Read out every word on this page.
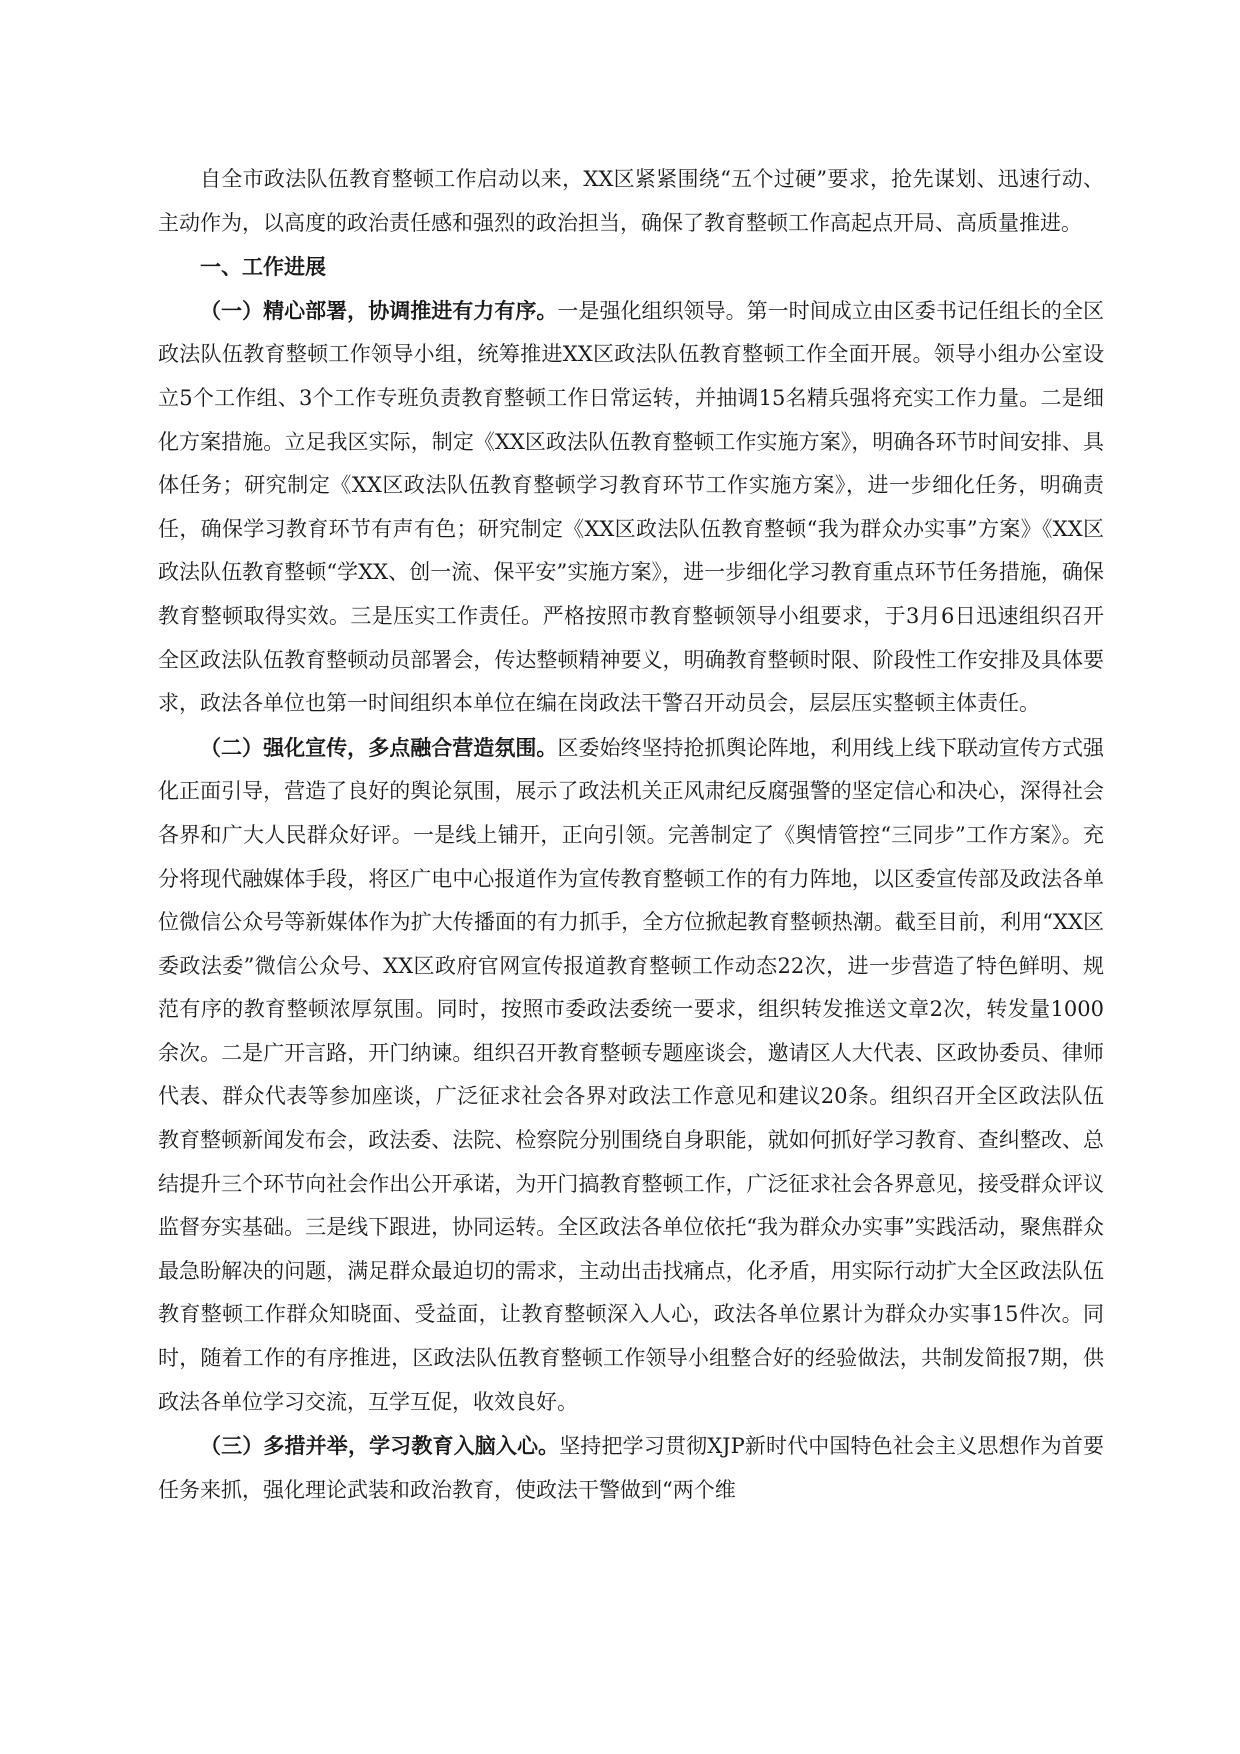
自全市政法队伍教育整顿工作启动以来，XX区紧紧围绕“五个过硬”要求，抢先谋划、迅速行动、主动作为，以高度的政治责任感和强烈的政治担当，确保了教育整顿工作高起点开局、高质量推进。

一、工作进展

（一）精心部署，协调推进有力有序。一是强化组织领导。第一时间成立由区委书记任组长的全区政法队伍教育整顿工作领导小组，统筹推进XX区政法队伍教育整顿工作全面开展。领导小组办公室设立5个工作组、3个工作专班负责教育整顿工作日常运转，并抽调15名精兵强将充实工作力量。二是细化方案措施。立足我区实际，制定《XX区政法队伍教育整顿工作实施方案》，明确各环节时间安排、具体任务；研究制定《XX区政法队伍教育整顿学习教育环节工作实施方案》，进一步细化任务，明确责任，确保学习教育环节有声有色；研究制定《XX区政法队伍教育整顿“我为群众办实事”方案》《XX区政法队伍教育整顿“学XX、创一流、保平安”实施方案》，进一步细化学习教育重点环节任务措施，确保教育整顿取得实效。三是压实工作责任。严格按照市教育整顿领导小组要求，于3月6日迅速组织召开全区政法队伍教育整顿动员部署会，传达整顿精神要义，明确教育整顿时限、阶段性工作安排及具体要求，政法各单位也第一时间组织本单位在编在岗政法干警召开动员会，层层压实整顿主体责任。

（二）强化宣传，多点融合营造氛围。区委始终坚持抢抓舆论阵地，利用线上线下联动宣传方式强化正面引导，营造了良好的舆论氛围，展示了政法机关正风肃纪反腐强警的坚定信心和决心，深得社会各界和广大人民群众好评。一是线上铺开，正向引领。完善制定了《舆情管控“三同步”工作方案》。充分将现代融媒体手段，将区广电中心报道作为宣传教育整顿工作的有力阵地，以区委宣传部及政法各单位微信公众号等新媒体作为扩大传播面的有力抓手，全方位掀起教育整顿热潮。截至目前，利用“XX区委政法委”微信公众号、XX区政府官网宣传报道教育整顿工作动态22次，进一步营造了特色鲜明、规范有序的教育整顿浓厚氛围。同时，按照市委政法委统一要求，组织转发推送文章2次，转发量1000余次。二是广开言路，开门纳谏。组织召开教育整顿专题座谈会，邀请区人大代表、区政协委员、律师代表、群众代表等参加座谈，广泛征求社会各界对政法工作意见和建议20条。组织召开全区政法队伍教育整顿新闻发布会，政法委、法院、检察院分别围绕自身职能，就如何抓好学习教育、查纠整改、总结提升三个环节向社会作出公开承诺，为开门搞教育整顿工作，广泛征求社会各界意见，接受群众评议监督夯实基础。三是线下跟进，协同运转。全区政法各单位依托“我为群众办实事”实践活动，聚焦群众最急盼解决的问题，满足群众最迫切的需求，主动出击找痛点，化矛盾，用实际行动扩大全区政法队伍教育整顿工作群众知晓面、受益面，让教育整顿深入人心，政法各单位累计为群众办实事15件次。同时，随着工作的有序推进，区政法队伍教育整顿工作领导小组整合好的经验做法，共制发简报7期，供政法各单位学习交流，互学互促，收效良好。

（三）多措并举，学习教育入脑入心。坚持把学习贯彻XJP新时代中国特色社会主义思想作为首要任务来抓，强化理论武装和政治教育，使政法干警做到“两个维
